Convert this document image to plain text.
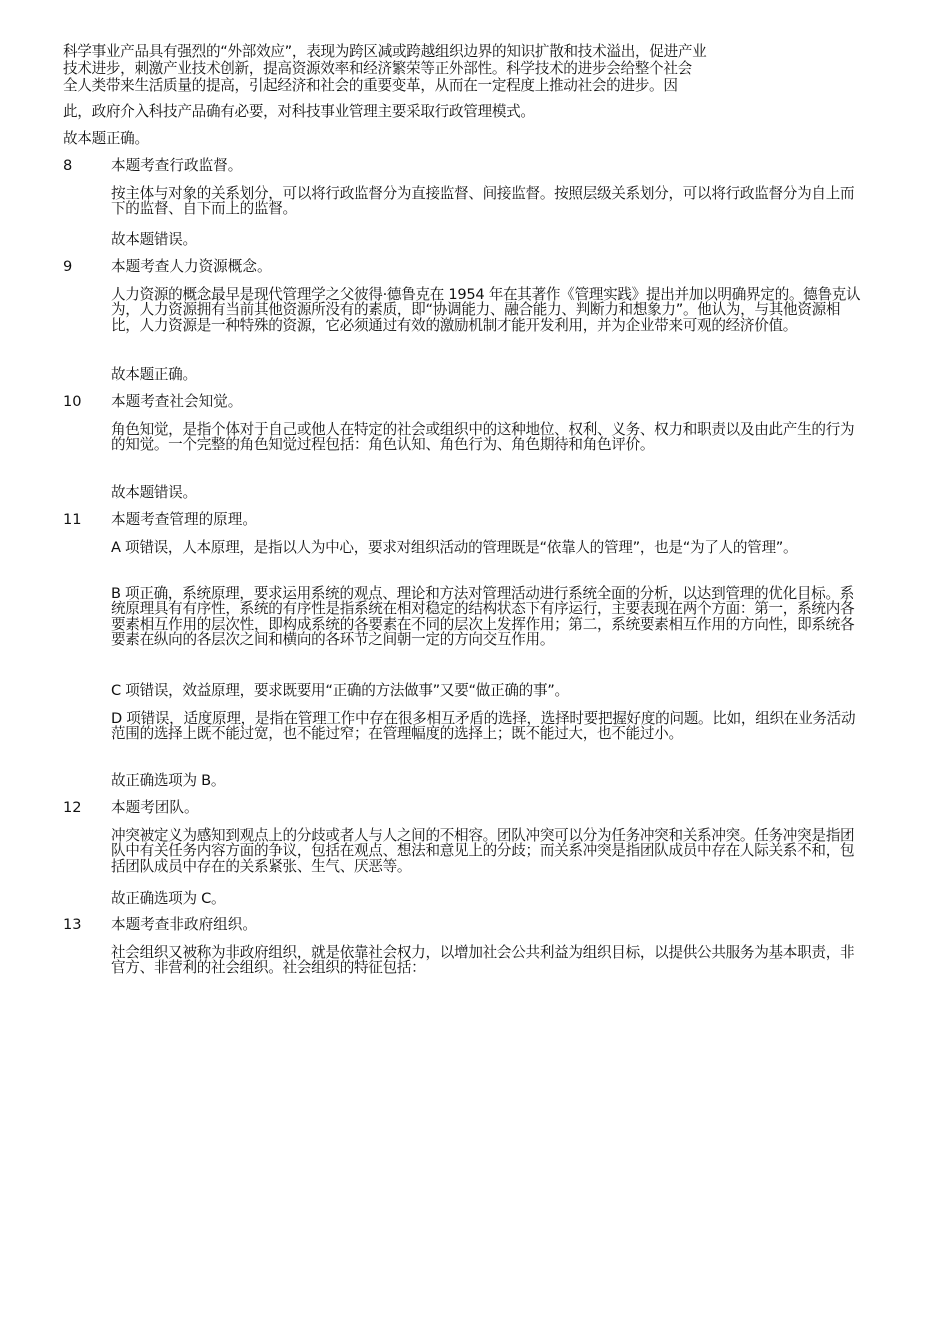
科学事业产品具有强烈的“外部效应”，表现为跨区减或跨越组织边界的知识扩散和技术溢出，促进产业

技术进步，刺激产业技术创新，提高资源效率和经济繁荣等正外部性。科学技术的进步会给整个社会

全人类带来生活质量的提高，引起经济和社会的重要变革，从而在一定程度上推动社会的进步。因

此，政府介入科技产品确有必要，对科技事业管理主要采取行政管理模式。

故本题正确。

8	本题考查行政监督。

按主体与对象的关系划分，可以将行政监督分为直接监督、间接监督。按照层级关系划分，可以将行政监督分为自上而下的监督、自下而上的监督。

故本题错误。

9	本题考查人力资源概念。

人力资源的概念最早是现代管理学之父彼得·德鲁克在 1954 年在其著作《管理实践》提出并加以明确界定的。德鲁克认为，人力资源拥有当前其他资源所没有的素质，即“协调能力、融合能力、判断力和想象力”。他认为，与其他资源相比，人力资源是一种特殊的资源，它必须通过有效的激励机制才能开发利用，并为企业带来可观的经济价值。

故本题正确。

10 本题考查社会知觉。

角色知觉，是指个体对于自己或他人在特定的社会或组织中的这种地位、权利、义务、权力和职责以及由此产生的行为的知觉。一个完整的角色知觉过程包括：角色认知、角色行为、角色期待和角色评价。

故本题错误。

11 本题考查管理的原理。

A 项错误，人本原理，是指以人为中心，要求对组织活动的管理既是“依靠人的管理”，也是“为了人的管理”。

B 项正确，系统原理，要求运用系统的观点、理论和方法对管理活动进行系统全面的分析，以达到管理的优化目标。系统原理具有有序性，系统的有序性是指系统在相对稳定的结构状态下有序运行，主要表现在两个方面：第一，系统内各要素相互作用的层次性，即构成系统的各要素在不同的层次上发挥作用；第二，系统要素相互作用的方向性，即系统各要素在纵向的各层次之间和横向的各环节之间朝一定的方向交互作用。

C 项错误，效益原理，要求既要用“正确的方法做事”又要“做正确的事”。

D 项错误，适度原理，是指在管理工作中存在很多相互矛盾的选择，选择时要把握好度的问题。比如，组织在业务活动范围的选择上既不能过宽，也不能过窄；在管理幅度的选择上；既不能过大，也不能过小。

故正确选项为 B。

12 本题考团队。

冲突被定义为感知到观点上的分歧或者人与人之间的不相容。团队冲突可以分为任务冲突和关系冲突。任务冲突是指团队中有关任务内容方面的争议，包括在观点、想法和意见上的分歧；而关系冲突是指团队成员中存在人际关系不和，包括团队成员中存在的关系紧张、生气、厌恶等。

故正确选项为 C。

13 本题考查非政府组织。

社会组织又被称为非政府组织，就是依靠社会权力，以增加社会公共利益为组织目标，以提供公共服务为基本职责，非官方、非营利的社会组织。社会组织的特征包括：
